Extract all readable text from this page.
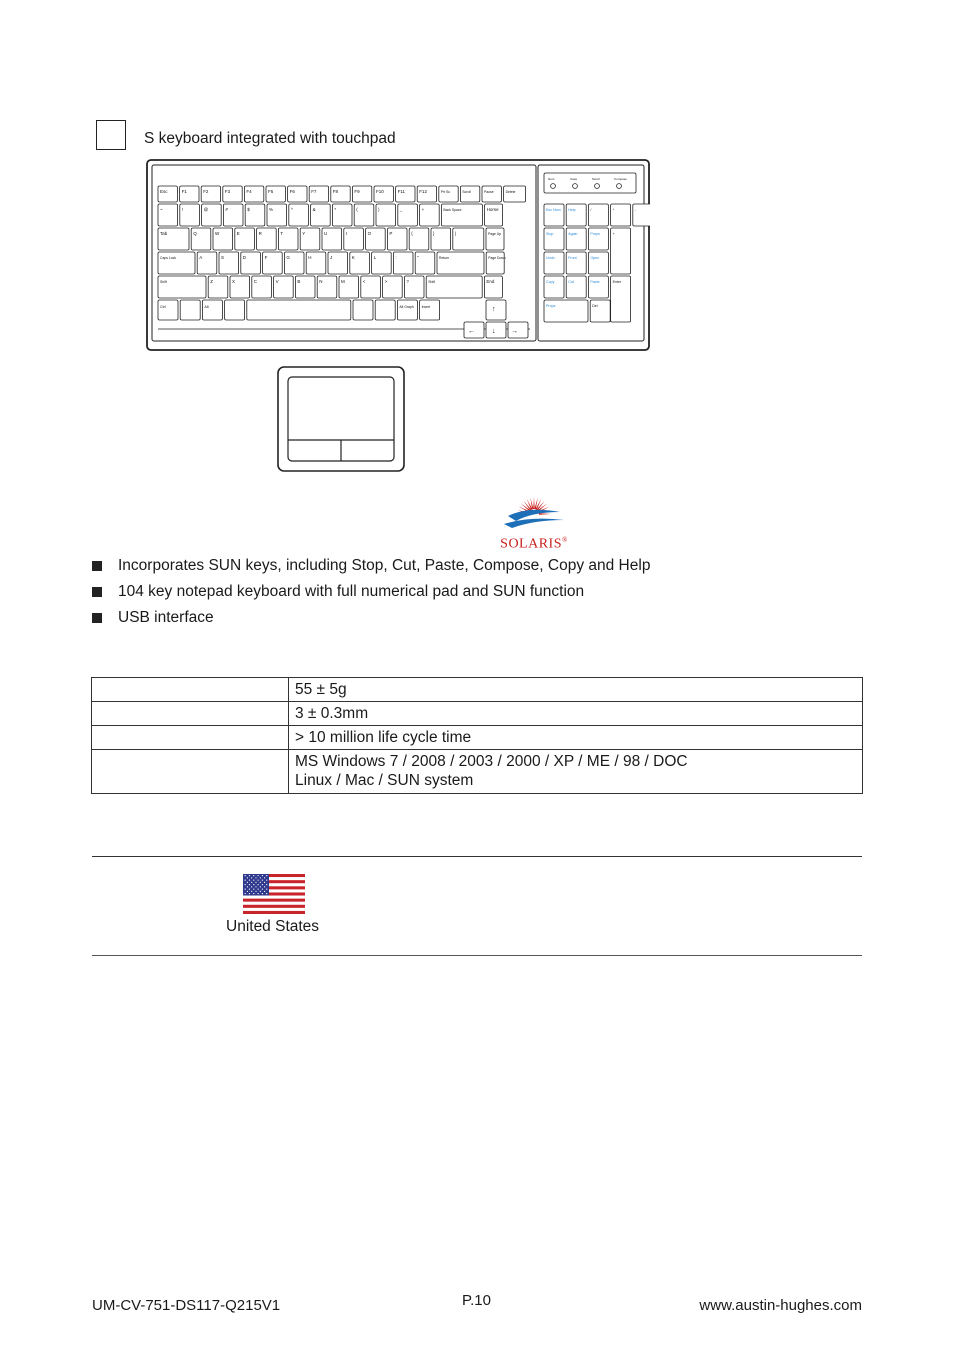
S keyboard integrated with touchpad
Esc	F1	F2	F3	F4	F5	F6	F7	F8	F9	F10	F11	F12	Prt Sc	Scroll	Pause	Delete
~	!	@	#	$	%	^	&	*	(	)	_	+	Back Space	Home
Tab	Q	W	E	R	T	Y	U	I	O	P	{	}	|	Page Up
Caps Lock	A	S	D	F	G	H	J	K	L	:	"	Return	Page Down
Shift	Z	X	C	V	B	N	M	<	>	?	Shift	End
Ctrl	Alt	Alt Graph Insert	↑
← ↓ →
Num	Caps	Scroll	Compose
Esc Num Help	/	*	-
Stop	Again	Props	+
Undo	Front	Open
Copy	Cut	Paste	Enter
Props	Del
SOLARIS®
Incorporates SUN keys, including Stop, Cut, Paste, Compose, Copy and Help
104 key notepad keyboard with full numerical pad and SUN function
USB interface
	55 ± 5g
	3 ± 0.3mm
	> 10 million life cycle time

	MS Windows 7 / 2008 / 2003 / 2000 / XP / ME / 98 / DOC
Linux / Mac / SUN system
United States
UM-CV-751-DS117-Q215V1	P.10	www.austin-hughes.com
